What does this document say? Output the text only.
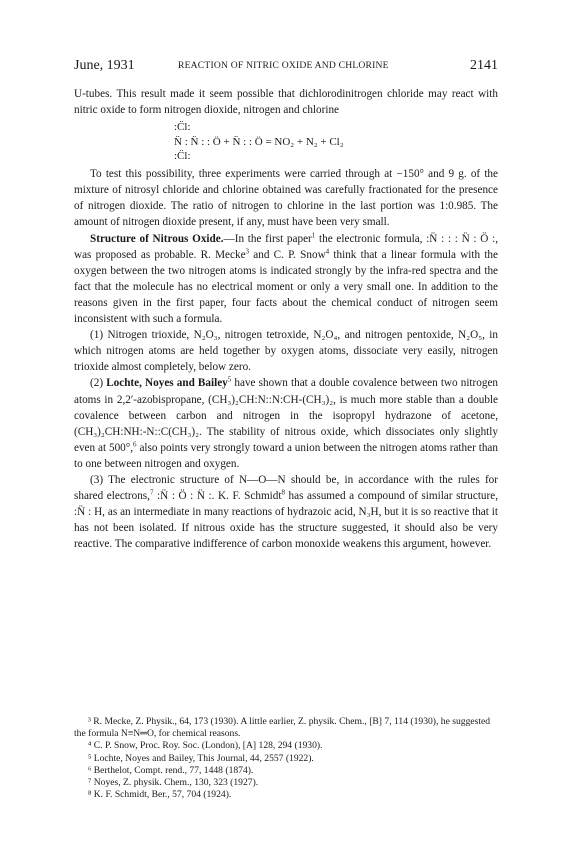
June, 1931	REACTION OF NITRIC OXIDE AND CHLORINE	2141

U-tubes. This result made it seem possible that dichlorodinitrogen chloride may react with nitric oxide to form nitrogen dioxide, nitrogen and chlorine

:C̈l:
N̈ : N̈ : : Ö + N̈ : : Ö = NO₂ + N₂ + Cl₂
:C̈l:

To test this possibility, three experiments were carried through at −150° and 9 g. of the mixture of nitrosyl chloride and chlorine obtained was carefully fractionated for the presence of nitrogen dioxide. The ratio of nitrogen to chlorine in the last portion was 1:0.985. The amount of nitrogen dioxide present, if any, must have been very small.

Structure of Nitrous Oxide.—In the first paper$^1$ the electronic formula, :N̈ : : : N̈ : Ö :, was proposed as probable. R. Mecke$^3$ and C. P. Snow$^4$ think that a linear formula with the oxygen between the two nitrogen atoms is indicated strongly by the infra-red spectra and the fact that the molecule has no electrical moment or only a very small one. In addition to the reasons given in the first paper, four facts about the chemical conduct of nitrogen seem inconsistent with such a formula.

(1) Nitrogen trioxide, N₂O₃, nitrogen tetroxide, N₂O₄, and nitrogen pentoxide, N₂O₅, in which nitrogen atoms are held together by oxygen atoms, dissociate very easily, nitrogen trioxide almost completely, below zero.

(2) Lochte, Noyes and Bailey$^5$ have shown that a double covalence between two nitrogen atoms in 2,2′-azobispropane, (CH₃)₂CH:N::N:CH-(CH₃)₂, is much more stable than a double covalence between carbon and nitrogen in the isopropyl hydrazone of acetone, (CH₃)₂CH:NH:-N::C(CH₃)₂. The stability of nitrous oxide, which dissociates only slightly even at 500°,$^6$ also points very strongly toward a union between the nitrogen atoms rather than to one between nitrogen and oxygen.

(3) The electronic structure of N—O—N should be, in accordance with the rules for shared electrons,$^7$ :N̈ : Ö : N̈ :. K. F. Schmidt$^8$ has assumed a compound of similar structure, :N̈ : H, as an intermediate in many reactions of hydrazoic acid, N₃H, but it is so reactive that it has not been isolated. If nitrous oxide has the structure suggested, it should also be very reactive. The comparative indifference of carbon monoxide weakens this argument, however.

³ R. Mecke, Z. Physik., 64, 173 (1930). A little earlier, Z. physik. Chem., [B] 7, 114 (1930), he suggested the formula N≡N═O, for chemical reasons.

⁴ C. P. Snow, Proc. Roy. Soc. (London), [A] 128, 294 (1930).

⁵ Lochte, Noyes and Bailey, This Journal, 44, 2557 (1922).

⁶ Berthelot, Compt. rend., 77, 1448 (1874).

⁷ Noyes, Z. physik. Chem., 130, 323 (1927).

⁸ K. F. Schmidt, Ber., 57, 704 (1924).
